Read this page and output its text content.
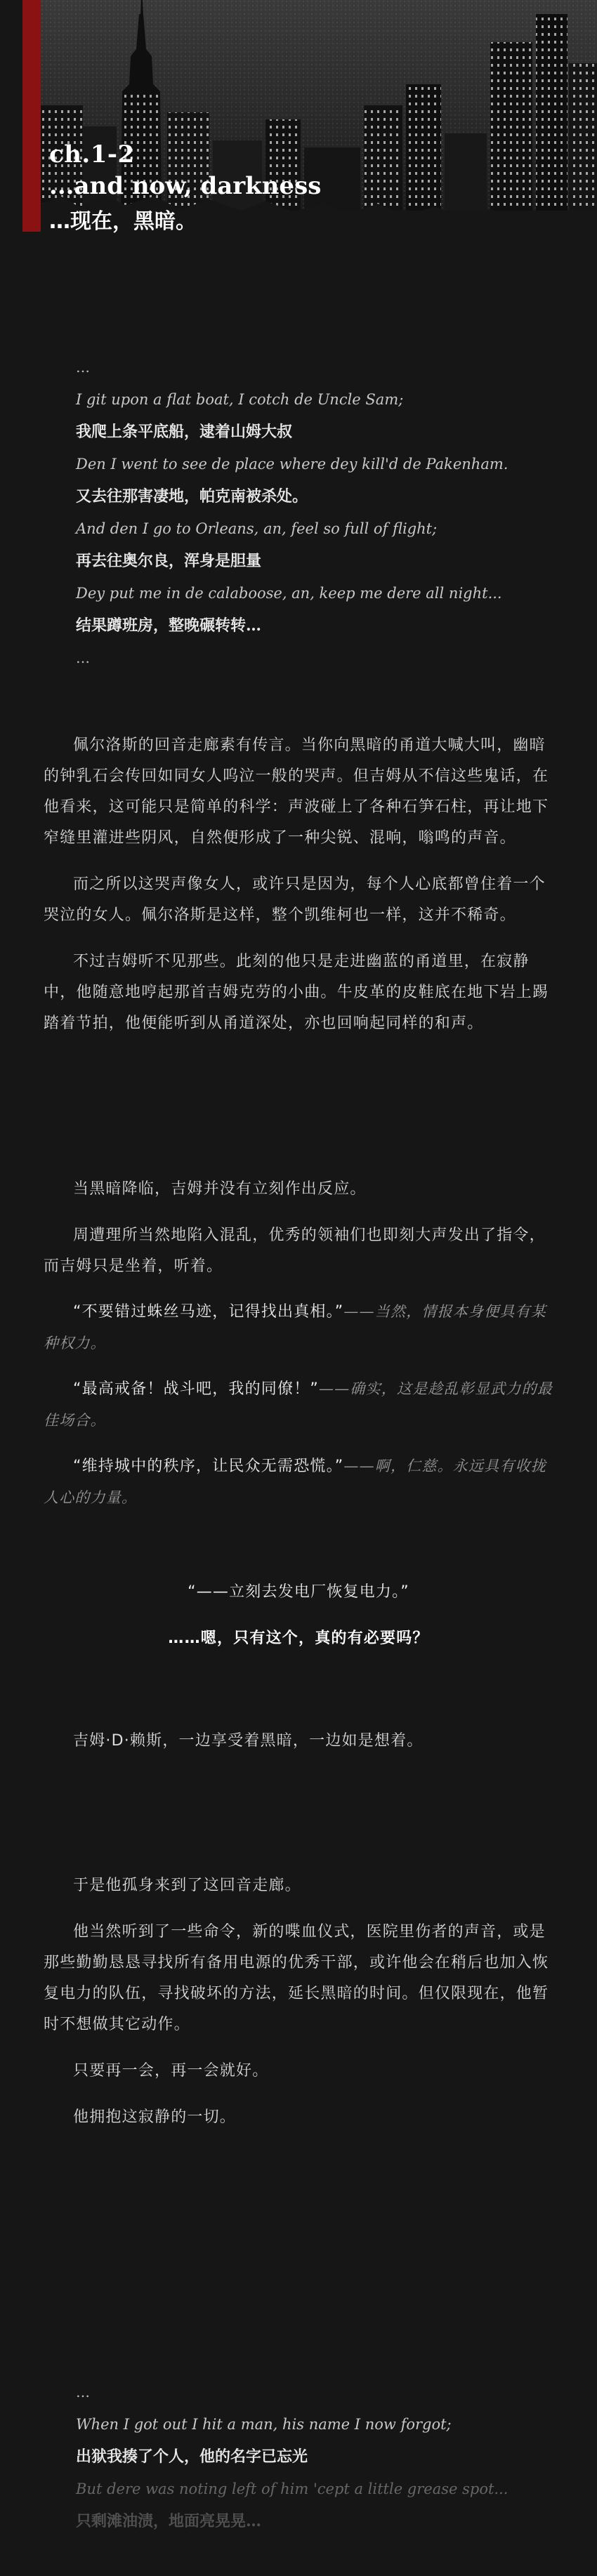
ch.1-2
...and now, darkness
…现在，黑暗。
…
I git upon a flat boat, I cotch de Uncle Sam;
我爬上条平底船，逮着山姆大叔
Den I went to see de place where dey kill'd de Pakenham.
又去往那害凄地，帕克南被杀处。
And den I go to Orleans, an, feel so full of flight;
再去往奥尔良，浑身是胆量
Dey put me in de calaboose, an, keep me dere all night...
结果蹲班房，整晚碾转转…
…

佩尔洛斯的回音走廊素有传言。当你向黑暗的甬道大喊大叫，幽暗的钟乳石会传回如同女人呜泣一般的哭声。但吉姆从不信这些鬼话，在他看来，这可能只是简单的科学：声波碰上了各种石笋石柱，再让地下窄缝里灌进些阴风，自然便形成了一种尖锐、混响，嗡鸣的声音。

而之所以这哭声像女人，或许只是因为，每个人心底都曾住着一个哭泣的女人。佩尔洛斯是这样，整个凯维柯也一样，这并不稀奇。

不过吉姆听不见那些。此刻的他只是走进幽蓝的甬道里，在寂静中，他随意地哼起那首吉姆克劳的小曲。牛皮革的皮鞋底在地下岩上踢踏着节拍，他便能听到从甬道深处，亦也回响起同样的和声。

当黑暗降临，吉姆并没有立刻作出反应。

周遭理所当然地陷入混乱，优秀的领袖们也即刻大声发出了指令，而吉姆只是坐着，听着。

“不要错过蛛丝马迹，记得找出真相。”——当然，情报本身便具有某种权力。
“最高戒备！战斗吧，我的同僚！”——确实，这是趁乱彰显武力的最佳场合。
“维持城中的秩序，让民众无需恐慌。”——啊，仁慈。永远具有收拢人心的力量。
“——立刻去发电厂恢复电力。”
……嗯，只有这个，真的有必要吗？

吉姆·D·赖斯，一边享受着黑暗，一边如是想着。

于是他孤身来到了这回音走廊。

他当然听到了一些命令，新的喋血仪式，医院里伤者的声音，或是那些勤勤恳恳寻找所有备用电源的优秀干部，或许他会在稍后也加入恢复电力的队伍，寻找破坏的方法，延长黑暗的时间。但仅限现在，他暂时不想做其它动作。

只要再一会，再一会就好。

他拥抱这寂静的一切。

…
When I got out I hit a man, his name I now forgot;
出狱我揍了个人，他的名字已忘光
But dere was noting left of him 'cept a little grease spot...
只剩滩油渍，地面亮晃晃…
